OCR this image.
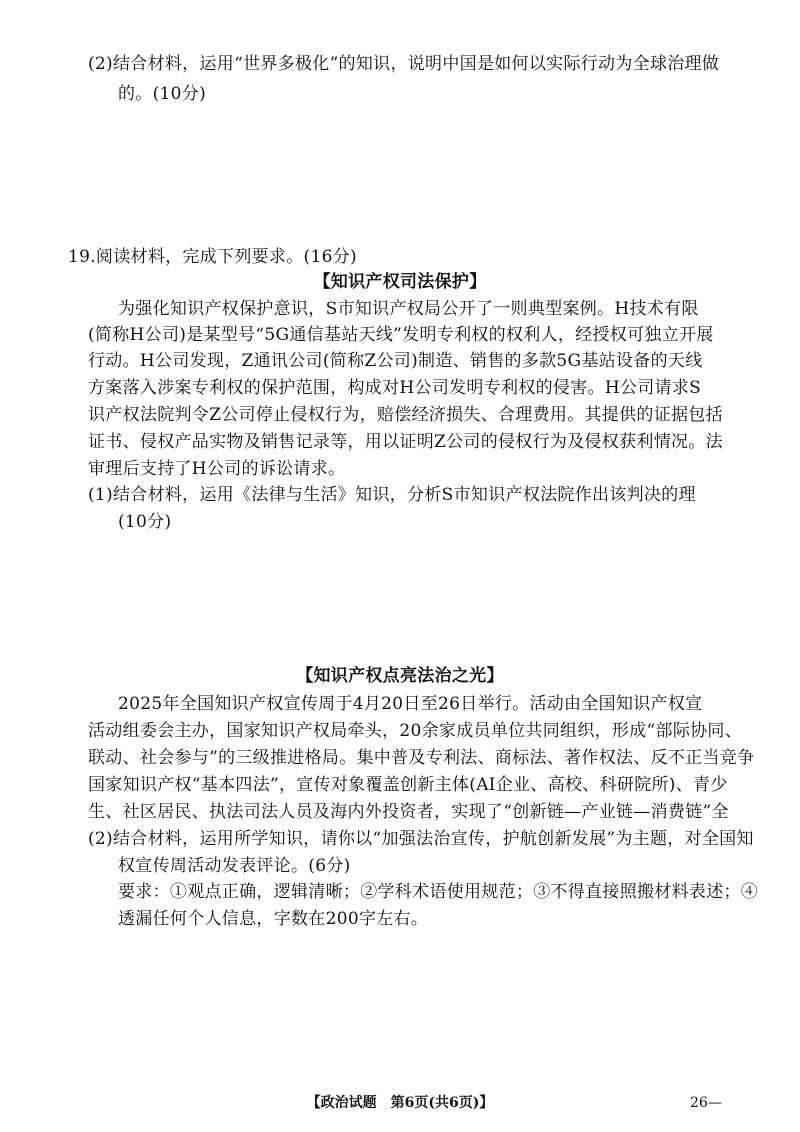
(2)结合材料，运用“世界多极化”的知识，说明中国是如何以实际行动为全球治理做
的。(10分)
19.阅读材料，完成下列要求。(16分)
【知识产权司法保护】
为强化知识产权保护意识，S市知识产权局公开了一则典型案例。H技术有限
(简称H公司)是某型号“5G通信基站天线”发明专利权的权利人，经授权可独立开展
行动。H公司发现，Z通讯公司(简称Z公司)制造、销售的多款5G基站设备的天线
方案落入涉案专利权的保护范围，构成对H公司发明专利权的侵害。H公司请求S
识产权法院判令Z公司停止侵权行为，赔偿经济损失、合理费用。其提供的证据包括
证书、侵权产品实物及销售记录等，用以证明Z公司的侵权行为及侵权获利情况。法
审理后支持了H公司的诉讼请求。
(1)结合材料，运用《法律与生活》知识，分析S市知识产权法院作出该判决的理
(10分)
【知识产权点亮法治之光】
2025年全国知识产权宣传周于4月20日至26日举行。活动由全国知识产权宣
活动组委会主办，国家知识产权局牵头，20余家成员单位共同组织，形成“部际协同、
联动、社会参与”的三级推进格局。集中普及专利法、商标法、著作权法、反不正当竞争
国家知识产权“基本四法”，宣传对象覆盖创新主体(AI企业、高校、科研院所)、青少
生、社区居民、执法司法人员及海内外投资者，实现了“创新链—产业链—消费链”全
(2)结合材料，运用所学知识，请你以“加强法治宣传，护航创新发展”为主题，对全国知
权宣传周活动发表评论。(6分)
要求：①观点正确，逻辑清晰；②学科术语使用规范；③不得直接照搬材料表述；④
透漏任何个人信息，字数在200字左右。
【政治试题　第6页(共6页)】	26—
